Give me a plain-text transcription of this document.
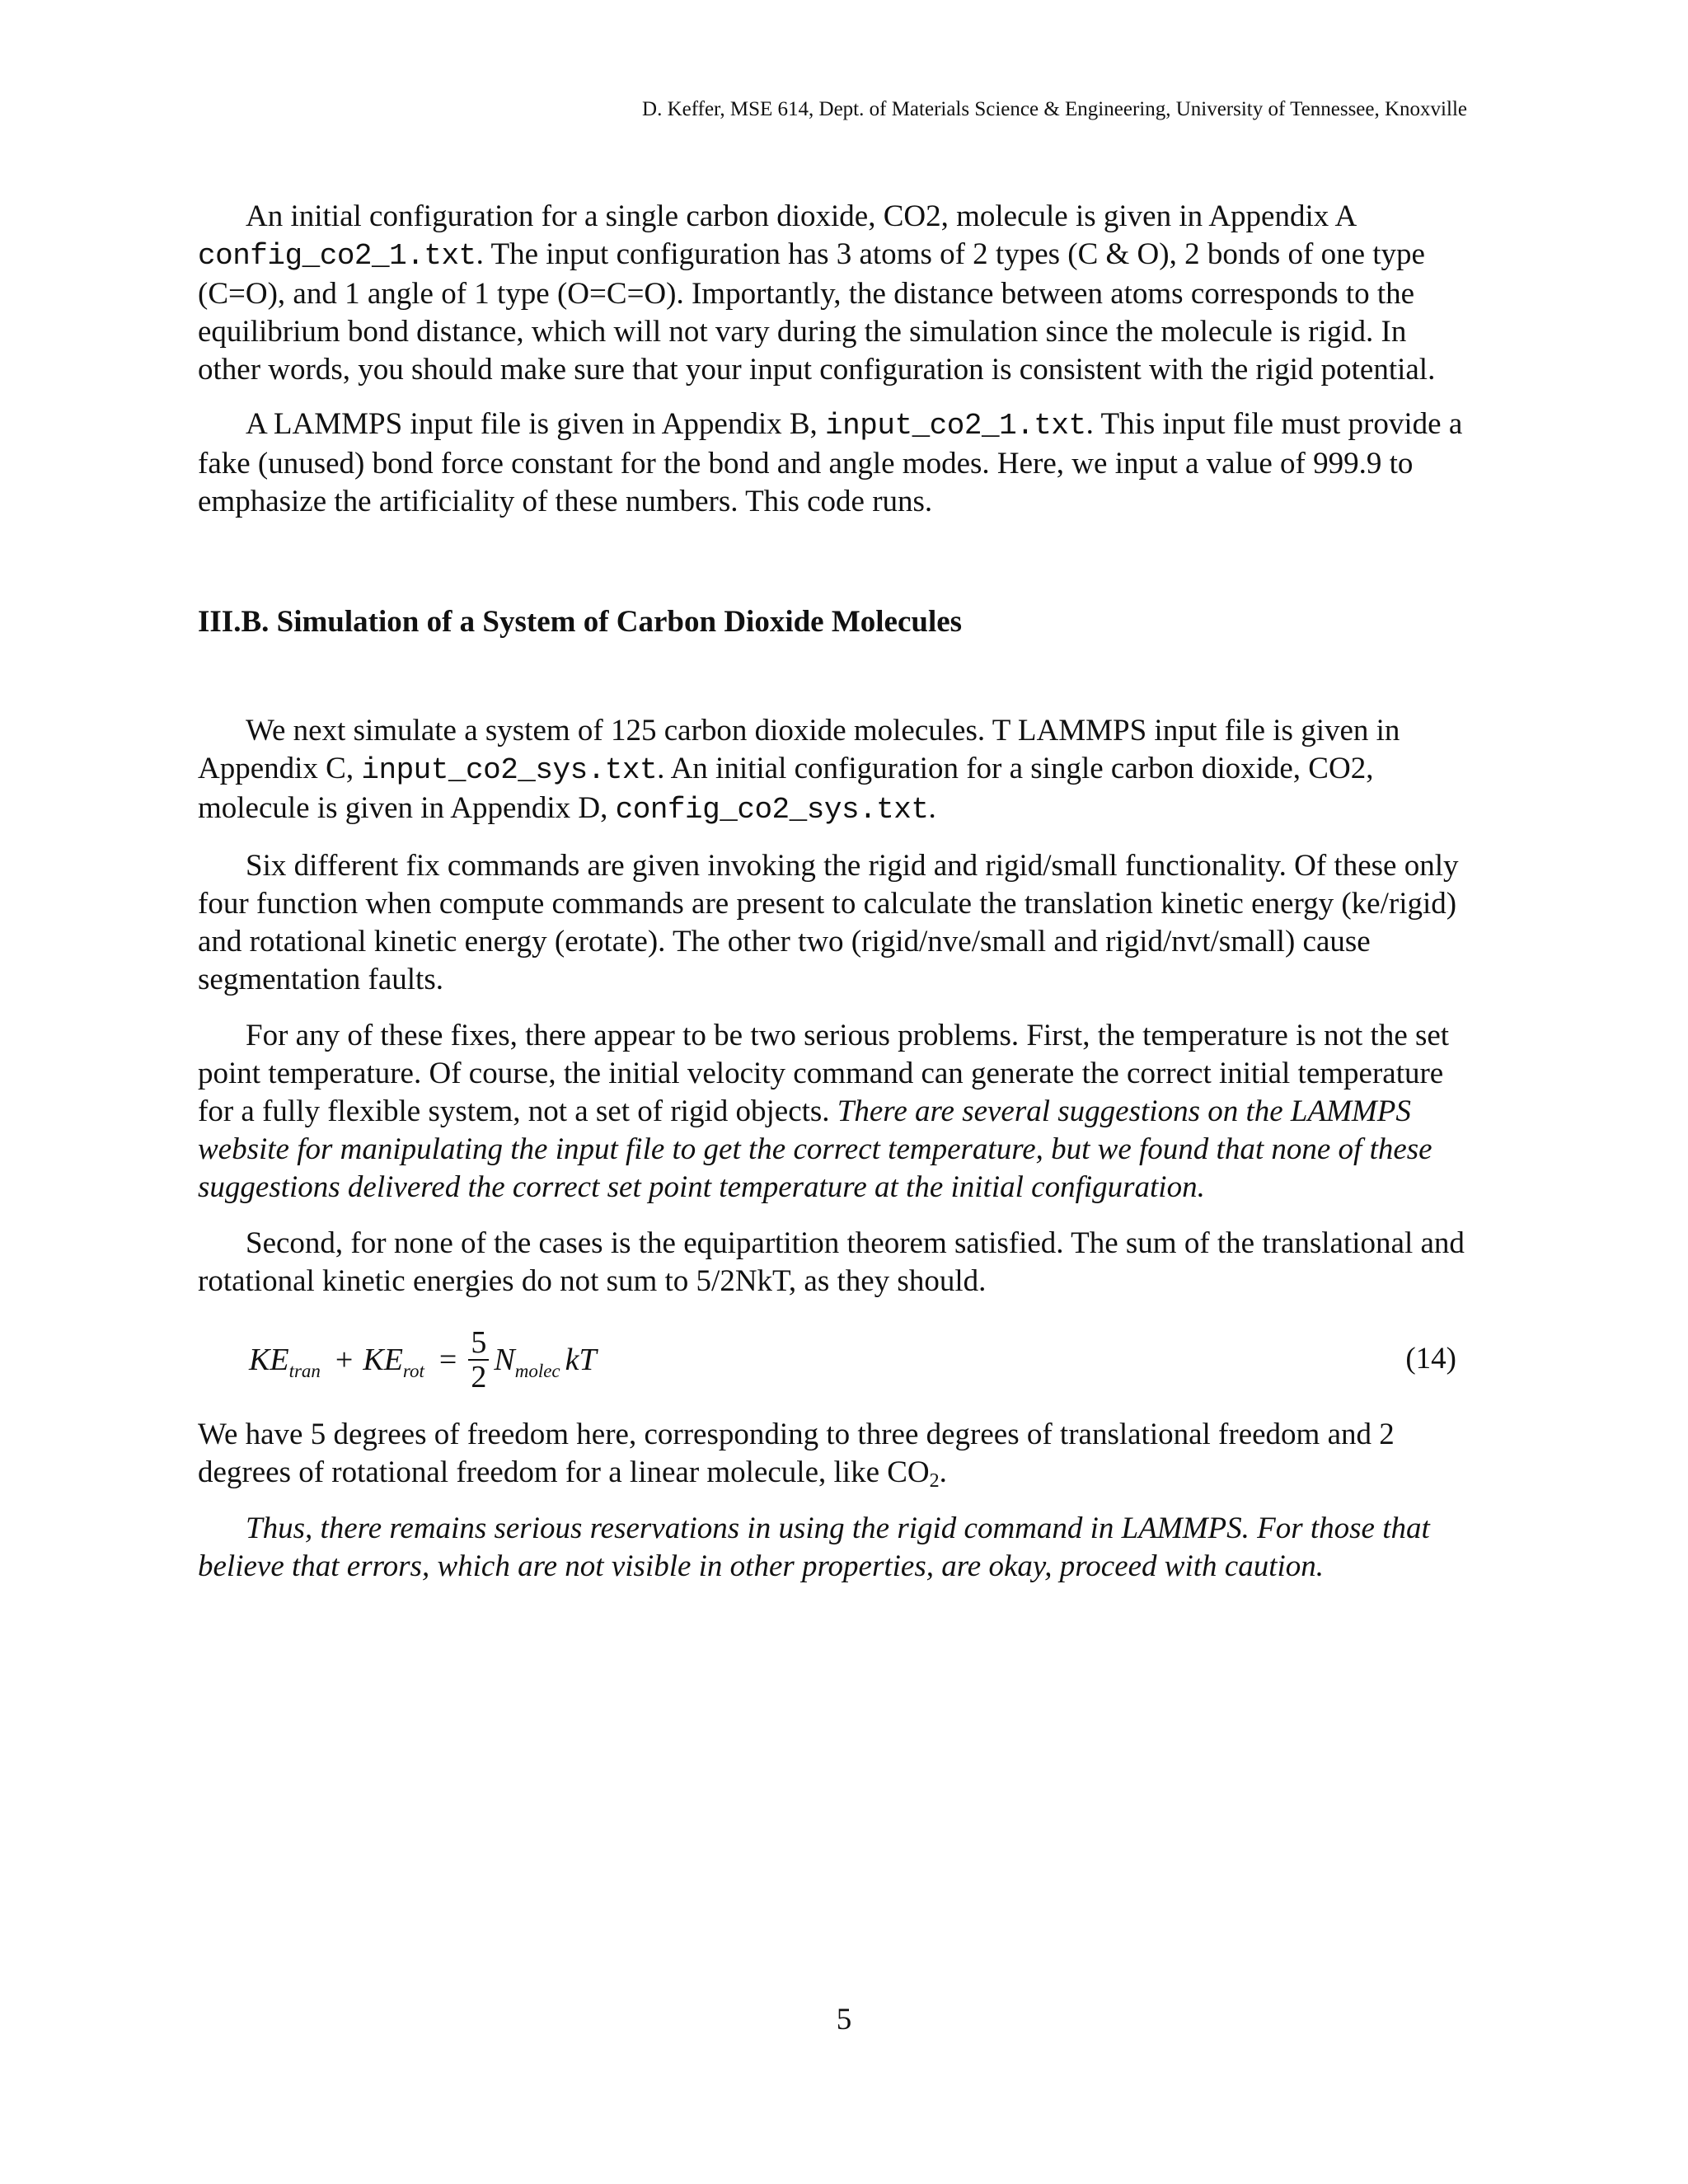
D. Keffer, MSE 614, Dept. of Materials Science & Engineering, University of Tennessee, Knoxville

An initial configuration for a single carbon dioxide, CO2, molecule is given in Appendix A config_co2_1.txt. The input configuration has 3 atoms of 2 types (C & O), 2 bonds of one type (C=O), and 1 angle of 1 type (O=C=O). Importantly, the distance between atoms corresponds to the equilibrium bond distance, which will not vary during the simulation since the molecule is rigid. In other words, you should make sure that your input configuration is consistent with the rigid potential.

A LAMMPS input file is given in Appendix B, input_co2_1.txt. This input file must provide a fake (unused) bond force constant for the bond and angle modes. Here, we input a value of 999.9 to emphasize the artificiality of these numbers. This code runs.

III.B. Simulation of a System of Carbon Dioxide Molecules

We next simulate a system of 125 carbon dioxide molecules. T LAMMPS input file is given in Appendix C, input_co2_sys.txt. An initial configuration for a single carbon dioxide, CO2, molecule is given in Appendix D, config_co2_sys.txt.

Six different fix commands are given invoking the rigid and rigid/small functionality. Of these only four function when compute commands are present to calculate the translation kinetic energy (ke/rigid) and rotational kinetic energy (erotate). The other two (rigid/nve/small and rigid/nvt/small) cause segmentation faults.

For any of these fixes, there appear to be two serious problems. First, the temperature is not the set point temperature. Of course, the initial velocity command can generate the correct initial temperature for a fully flexible system, not a set of rigid objects. There are several suggestions on the LAMMPS website for manipulating the input file to get the correct temperature, but we found that none of these suggestions delivered the correct set point temperature at the initial configuration.

Second, for none of the cases is the equipartition theorem satisfied. The sum of the translational and rotational kinetic energies do not sum to 5/2NkT, as they should.

KE tran + KE rot = $\frac{5}{2}$ N molec kT	(14)

We have 5 degrees of freedom here, corresponding to three degrees of translational freedom and 2 degrees of rotational freedom for a linear molecule, like $CO_2$.

Thus, there remains serious reservations in using the rigid command in LAMMPS. For those that believe that errors, which are not visible in other properties, are okay, proceed with caution.

5
